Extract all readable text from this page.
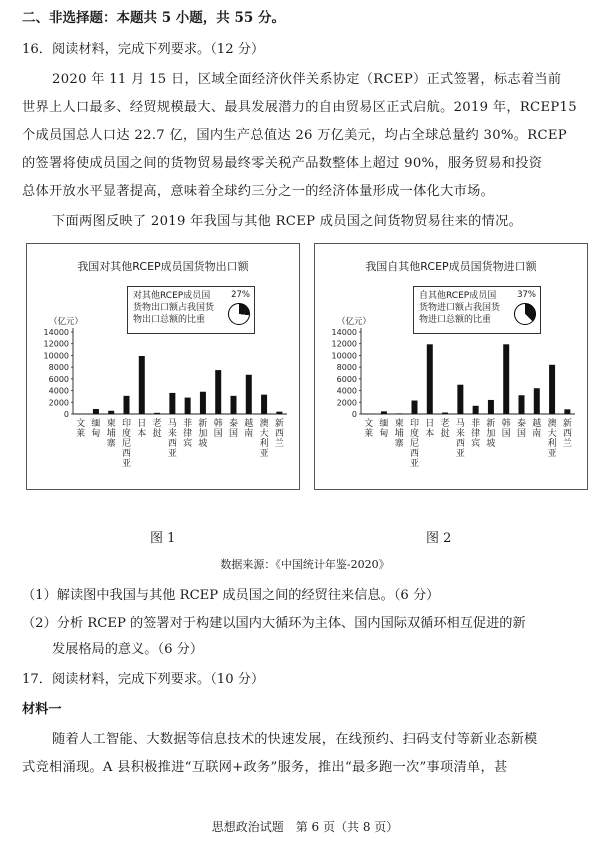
二、非选择题：本题共 5 小题，共 55 分。
16．阅读材料，完成下列要求。（12 分）
2020 年 11 月 15 日，区域全面经济伙伴关系协定（RCEP）正式签署，标志着当前
世界上人口最多、经贸规模最大、最具发展潜力的自由贸易区正式启航。2019 年，RCEP15
个成员国总人口达 22.7 亿，国内生产总值达 26 万亿美元，均占全球总量约 30%。RCEP
的签署将使成员国之间的货物贸易最终零关税产品数整体上超过 90%，服务贸易和投资
总体开放水平显著提高，意味着全球约三分之一的经济体量形成一体化大市场。
下面两图反映了 2019 年我国与其他 RCEP 成员国之间货物贸易往来的情况。
我国对其他RCEP成员国货物出口额
对其他RCEP成员国货物出口额占我国货物出口总额的比重
27%
（亿元）
14000
12000
10000
8000
6000
4000
2000
0
文莱
缅甸
柬埔寨
印度尼西亚
日本
老挝
马来西亚
菲律宾
新加坡
韩国
泰国
越南
澳大利亚
新西兰
我国自其他RCEP成员国货物进口额
自其他RCEP成员国货物进口额占我国货物进口总额的比重
37%
（亿元）
14000
12000
10000
8000
6000
4000
2000
0
文莱
缅甸
柬埔寨
印度尼西亚
日本
老挝
马来西亚
菲律宾
新加坡
韩国
泰国
越南
澳大利亚
新西兰
图 1	图 2
数据来源：《中国统计年鉴-2020》
（1）解读图中我国与其他 RCEP 成员国之间的经贸往来信息。（6 分）
（2）分析 RCEP 的签署对于构建以国内大循环为主体、国内国际双循环相互促进的新
发展格局的意义。（6 分）
17．阅读材料，完成下列要求。（10 分）
材料一
随着人工智能、大数据等信息技术的快速发展，在线预约、扫码支付等新业态新模
式竞相涌现。A 县积极推进“互联网+政务”服务，推出“最多跑一次”事项清单，甚
思想政治试题　第 6 页（共 8 页）
